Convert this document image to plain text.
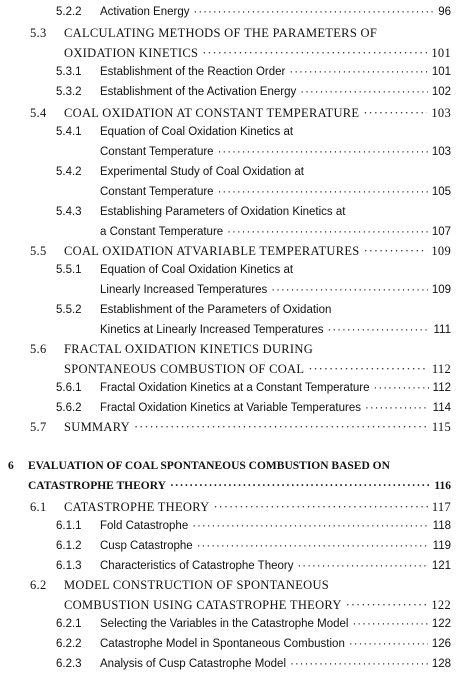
5.2.2	Activation Energy ·····	96
5.3	CALCULATING METHODS OF THE PARAMETERS OF
OXIDATION KINETICS ·····	101
5.3.1	Establishment of the Reaction Order ·····	101
5.3.2	Establishment of the Activation Energy ·····	102
5.4	COAL OXIDATION AT CONSTANT TEMPERATURE ·····	103
5.4.1	Equation of Coal Oxidation Kinetics at
Constant Temperature ·····	103
5.4.2	Experimental Study of Coal Oxidation at
Constant Temperature ·····	105
5.4.3	Establishing Parameters of Oxidation Kinetics at
a Constant Temperature ·····	107
5.5	COAL OXIDATION ATVARIABLE TEMPERATURES ·····	109
5.5.1	Equation of Coal Oxidation Kinetics at
Linearly Increased Temperatures ·····	109
5.5.2	Establishment of the Parameters of Oxidation
Kinetics at Linearly Increased Temperatures ·····	111
5.6	FRACTAL OXIDATION KINETICS DURING
SPONTANEOUS COMBUSTION OF COAL ·····	112
5.6.1	Fractal Oxidation Kinetics at a Constant Temperature ·····	112
5.6.2	Fractal Oxidation Kinetics at Variable Temperatures ·····	114
5.7	SUMMARY ·····	115
6	EVALUATION OF COAL SPONTANEOUS COMBUSTION BASED ON
CATASTROPHE THEORY ·····	116
6.1	CATASTROPHE THEORY ·····	117
6.1.1	Fold Catastrophe ·····	118
6.1.2	Cusp Catastrophe ·····	119
6.1.3	Characteristics of Catastrophe Theory ·····	121
6.2	MODEL CONSTRUCTION OF SPONTANEOUS
COMBUSTION USING CATASTROPHE THEORY ·····	122
6.2.1	Selecting the Variables in the Catastrophe Model ·····	122
6.2.2	Catastrophe Model in Spontaneous Combustion ·····	126
6.2.3	Analysis of Cusp Catastrophe Model ·····	128
